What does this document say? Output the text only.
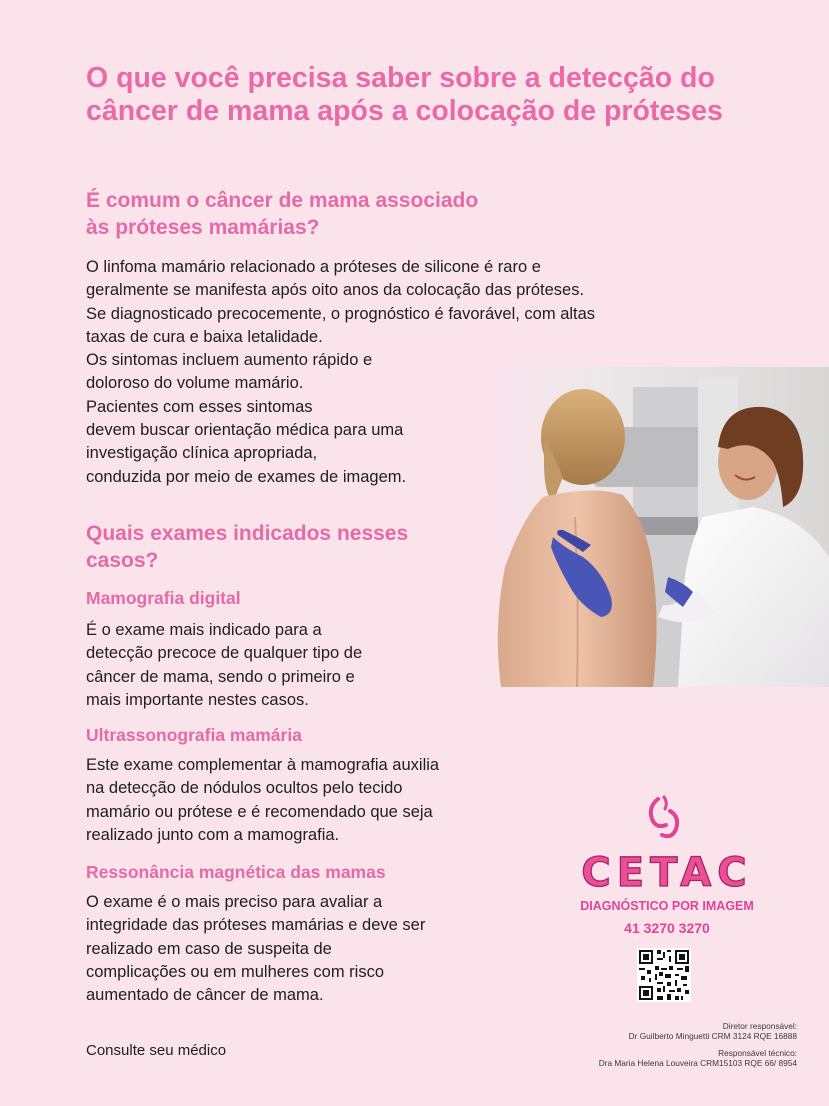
O que você precisa saber sobre a detecção do
câncer de mama após a colocação de próteses
É comum o câncer de mama associado
às próteses mamárias?
O linfoma mamário relacionado a próteses de silicone é raro e
geralmente se manifesta após oito anos da colocação das próteses.
Se diagnosticado precocemente, o prognóstico é favorável, com altas
taxas de cura e baixa letalidade.
Os sintomas incluem aumento rápido e
doloroso do volume mamário.
Pacientes com esses sintomas
devem buscar orientação médica para uma
investigação clínica apropriada,
conduzida por meio de exames de imagem.
Quais exames indicados nesses
casos?
Mamografia digital
É o exame mais indicado para a
detecção precoce de qualquer tipo de
câncer de mama, sendo o primeiro e
mais importante nestes casos.
Ultrassonografia mamária
Este exame complementar à mamografia auxilia
na detecção de nódulos ocultos pelo tecido
mamário ou prótese e é recomendado que seja
realizado junto com a mamografia.
Ressonância magnética das mamas
O exame é o mais preciso para avaliar a
integridade das próteses mamárias e deve ser
realizado em caso de suspeita de
complicações ou em mulheres com risco
aumentado de câncer de mama.
CETAC
DIAGNÓSTICO POR IMAGEM
41 3270 3270
Diretor responsável:
Dr Guilberto Minguetti CRM 3124 RQE 16888
Responsável técnico:
Dra Maria Helena Louveira CRM15103 RQE 66/ 8954
Consulte seu médico
